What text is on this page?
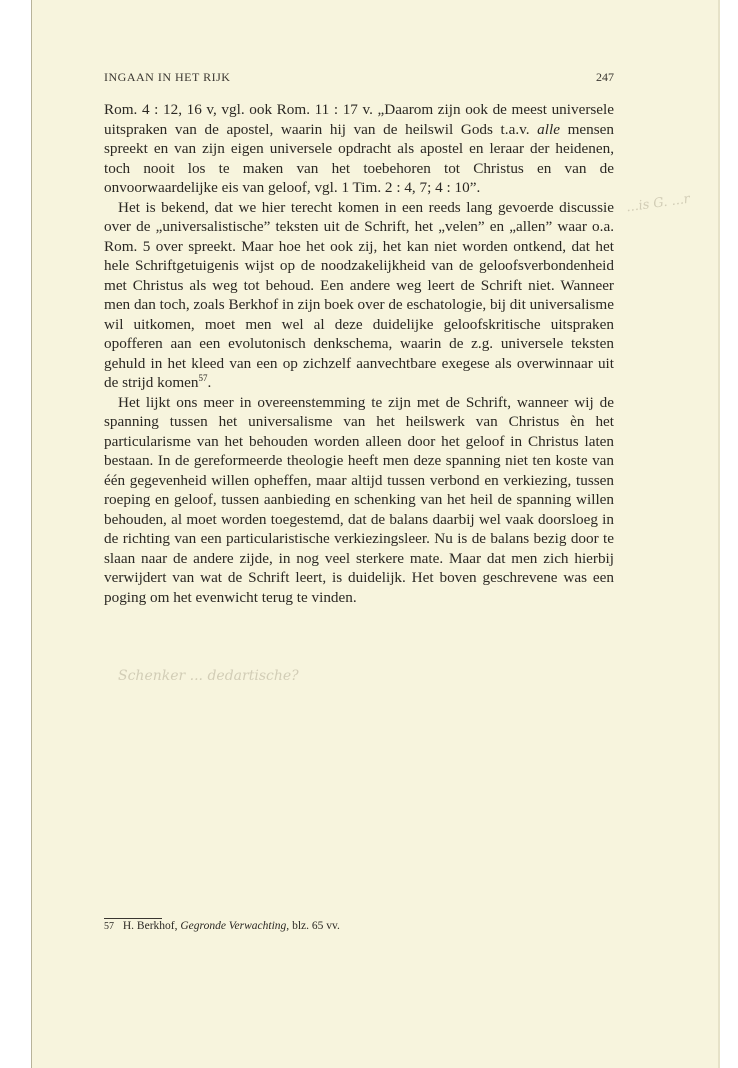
INGAAN IN HET RIJK	247

Rom. 4 : 12, 16 v, vgl. ook Rom. 11 : 17 v. „Daarom zijn ook de meest universele uitspraken van de apostel, waarin hij van de heilswil Gods t.a.v. alle mensen spreekt en van zijn eigen universele opdracht als apostel en leraar der heidenen, toch nooit los te maken van het toebehoren tot Christus en van de onvoorwaardelijke eis van geloof, vgl. 1 Tim. 2 : 4, 7; 4 : 10”.

Het is bekend, dat we hier terecht komen in een reeds lang gevoerde discussie over de „universalistische” teksten uit de Schrift, het „velen” en „allen” waar o.a. Rom. 5 over spreekt. Maar hoe het ook zij, het kan niet worden ontkend, dat het hele Schriftgetuigenis wijst op de noodzakelijkheid van de geloofsverbondenheid met Christus als weg tot behoud. Een andere weg leert de Schrift niet. Wanneer men dan toch, zoals Berkhof in zijn boek over de eschatologie, bij dit universalisme wil uitkomen, moet men wel al deze duidelijke geloofskritische uitspraken opofferen aan een evolutonisch denkschema, waarin de z.g. universele teksten gehuld in het kleed van een op zichzelf aanvechtbare exegese als overwinnaar uit de strijd komen$^{57}$.

Het lijkt ons meer in overeenstemming te zijn met de Schrift, wanneer wij de spanning tussen het universalisme van het heilswerk van Christus èn het particularisme van het behouden worden alleen door het geloof in Christus laten bestaan. In de gereformeerde theologie heeft men deze spanning niet ten koste van één gegevenheid willen opheffen, maar altijd tussen verbond en verkiezing, tussen roeping en geloof, tussen aanbieding en schenking van het heil de spanning willen behouden, al moet worden toegestemd, dat de balans daarbij wel vaak doorsloeg in de richting van een particularistische verkiezingsleer. Nu is de balans bezig door te slaan naar de andere zijde, in nog veel sterkere mate. Maar dat men zich hierbij verwijdert van wat de Schrift leert, is duidelijk. Het boven geschrevene was een poging om het evenwicht terug te vinden.

...is G. ...r
Schenker ... dedartische?
57 H. Berkhof, Gegronde Verwachting, blz. 65 vv.
